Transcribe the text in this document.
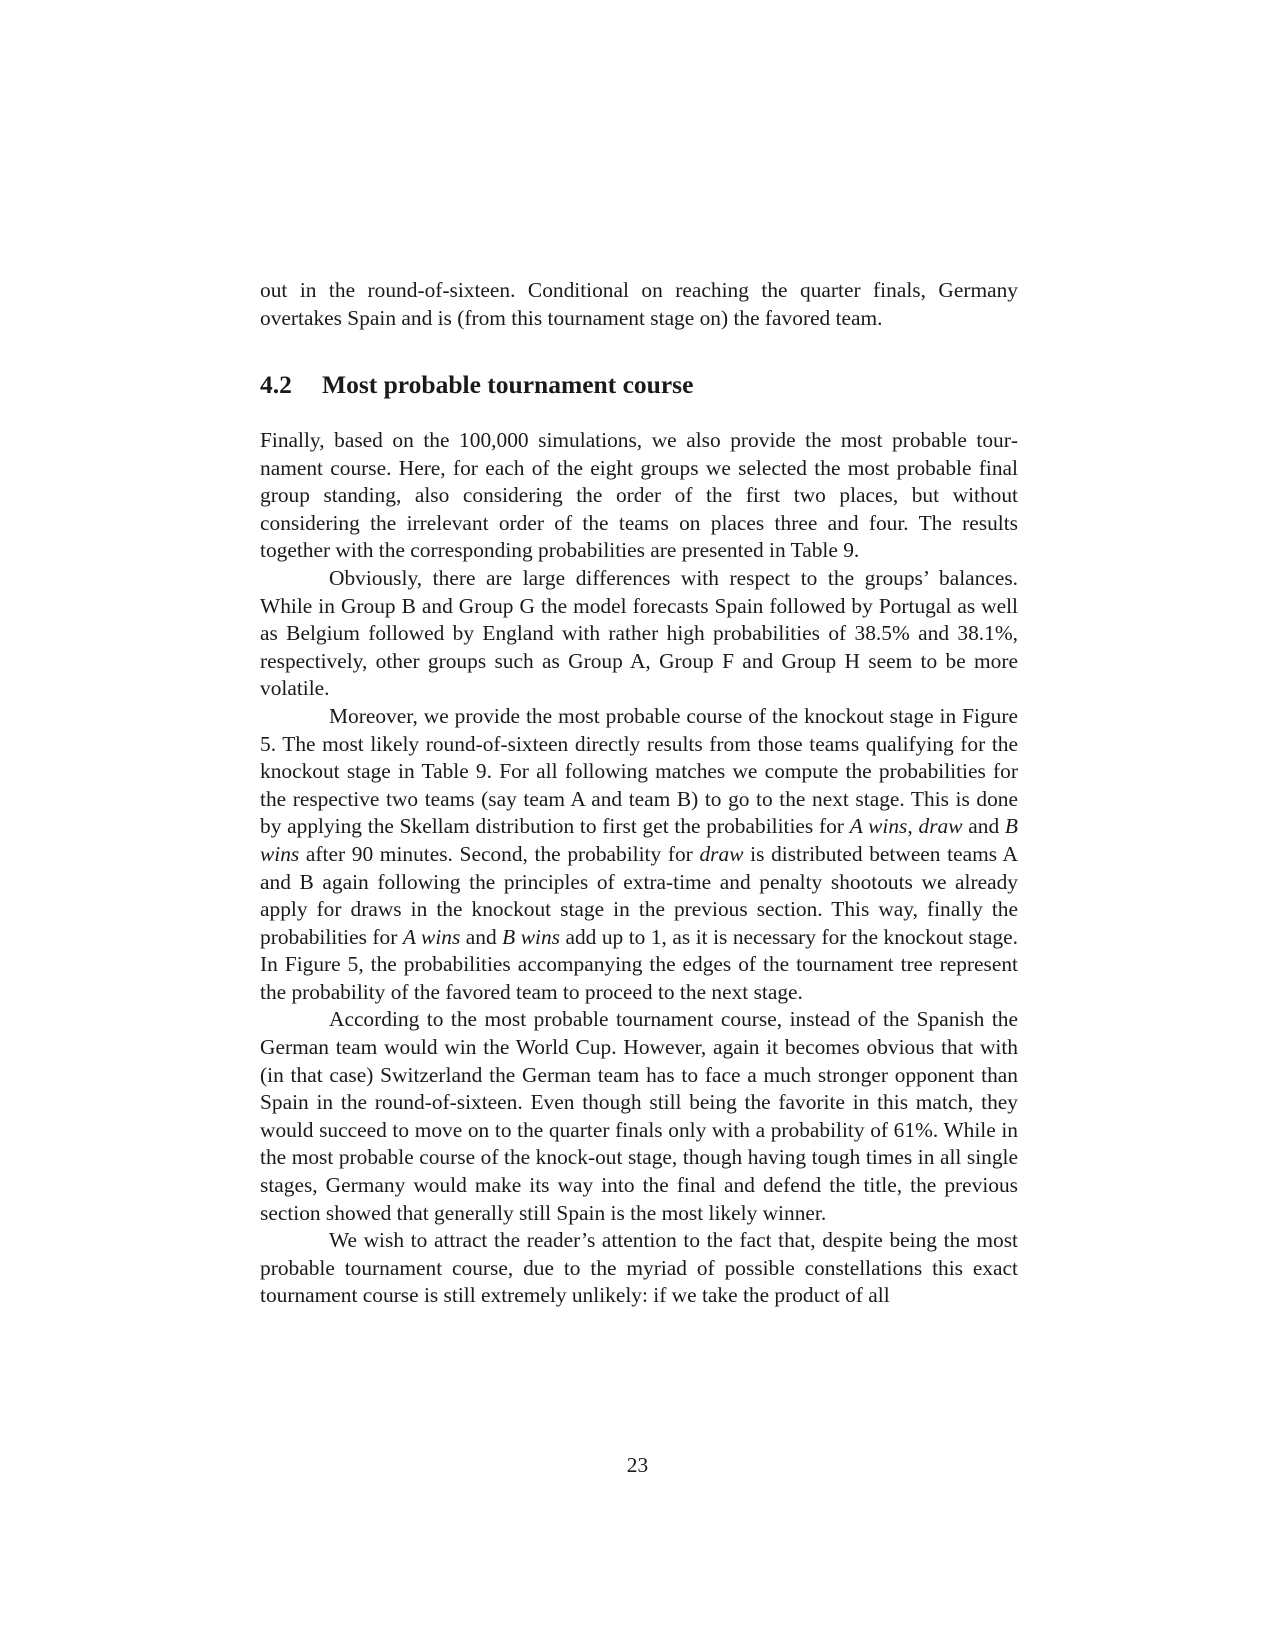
out in the round-of-sixteen. Conditional on reaching the quarter finals, Germany overtakes Spain and is (from this tournament stage on) the favored team.

4.2 Most probable tournament course

Finally, based on the 100,000 simulations, we also provide the most probable tournament course. Here, for each of the eight groups we selected the most probable final group standing, also considering the order of the first two places, but without considering the irrelevant order of the teams on places three and four. The results together with the corresponding probabilities are presented in Table 9.

Obviously, there are large differences with respect to the groups’ balances. While in Group B and Group G the model forecasts Spain followed by Portugal as well as Belgium followed by England with rather high probabilities of 38.5% and 38.1%, respectively, other groups such as Group A, Group F and Group H seem to be more volatile.

Moreover, we provide the most probable course of the knockout stage in Figure 5. The most likely round-of-sixteen directly results from those teams qualifying for the knockout stage in Table 9. For all following matches we compute the probabilities for the respective two teams (say team A and team B) to go to the next stage. This is done by applying the Skellam distribution to first get the probabilities for A wins, draw and B wins after 90 minutes. Second, the probability for draw is distributed between teams A and B again following the principles of extra-time and penalty shootouts we already apply for draws in the knockout stage in the previous section. This way, finally the probabilities for A wins and B wins add up to 1, as it is necessary for the knockout stage. In Figure 5, the probabilities accompanying the edges of the tournament tree represent the probability of the favored team to proceed to the next stage.

According to the most probable tournament course, instead of the Spanish the German team would win the World Cup. However, again it becomes obvious that with (in that case) Switzerland the German team has to face a much stronger opponent than Spain in the round-of-sixteen. Even though still being the favorite in this match, they would succeed to move on to the quarter finals only with a probability of 61%. While in the most probable course of the knock-out stage, though having tough times in all single stages, Germany would make its way into the final and defend the title, the previous section showed that generally still Spain is the most likely winner.

We wish to attract the reader’s attention to the fact that, despite being the most probable tournament course, due to the myriad of possible constellations this exact tournament course is still extremely unlikely: if we take the product of all

23
